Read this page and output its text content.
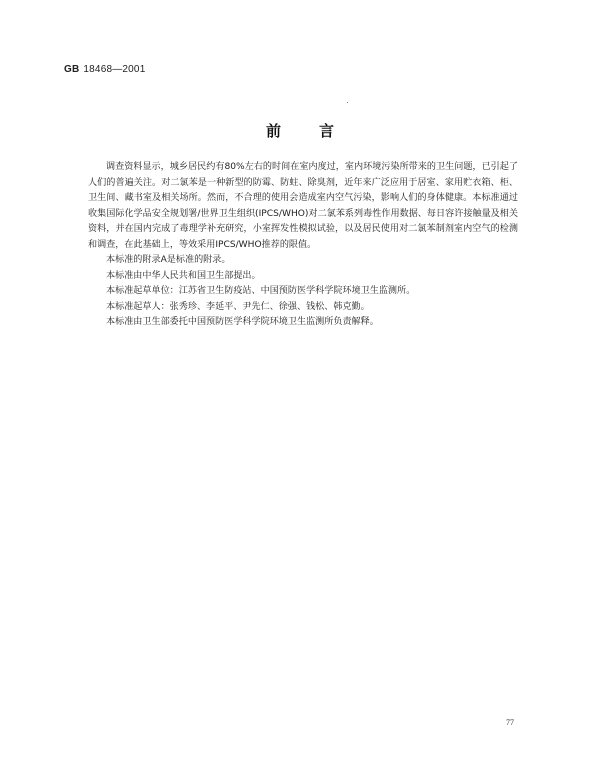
GB 18468—2001
前言

调查资料显示，城乡居民约有80%左右的时间在室内度过，室内环境污染所带来的卫生问题，已引起了人们的普遍关注。对二氯苯是一种新型的防霉、防蛀、除臭剂，近年来广泛应用于居室、家用贮衣箱、柜、卫生间、藏书室及相关场所。然而，不合理的使用会造成室内空气污染，影响人们的身体健康。本标准通过收集国际化学品安全规划署/世界卫生组织(IPCS/WHO)对二氯苯系列毒性作用数据、每日容许接触量及相关资料，并在国内完成了毒理学补充研究，小室挥发性模拟试验，以及居民使用对二氯苯制剂室内空气的检测和调查，在此基础上，等效采用IPCS/WHO推荐的限值。

本标准的附录A是标准的附录。

本标准由中华人民共和国卫生部提出。

本标准起草单位：江苏省卫生防疫站、中国预防医学科学院环境卫生监测所。

本标准起草人：张秀珍、李延平、尹先仁、徐强、钱松、韩克勤。

本标准由卫生部委托中国预防医学科学院环境卫生监测所负责解释。

77
